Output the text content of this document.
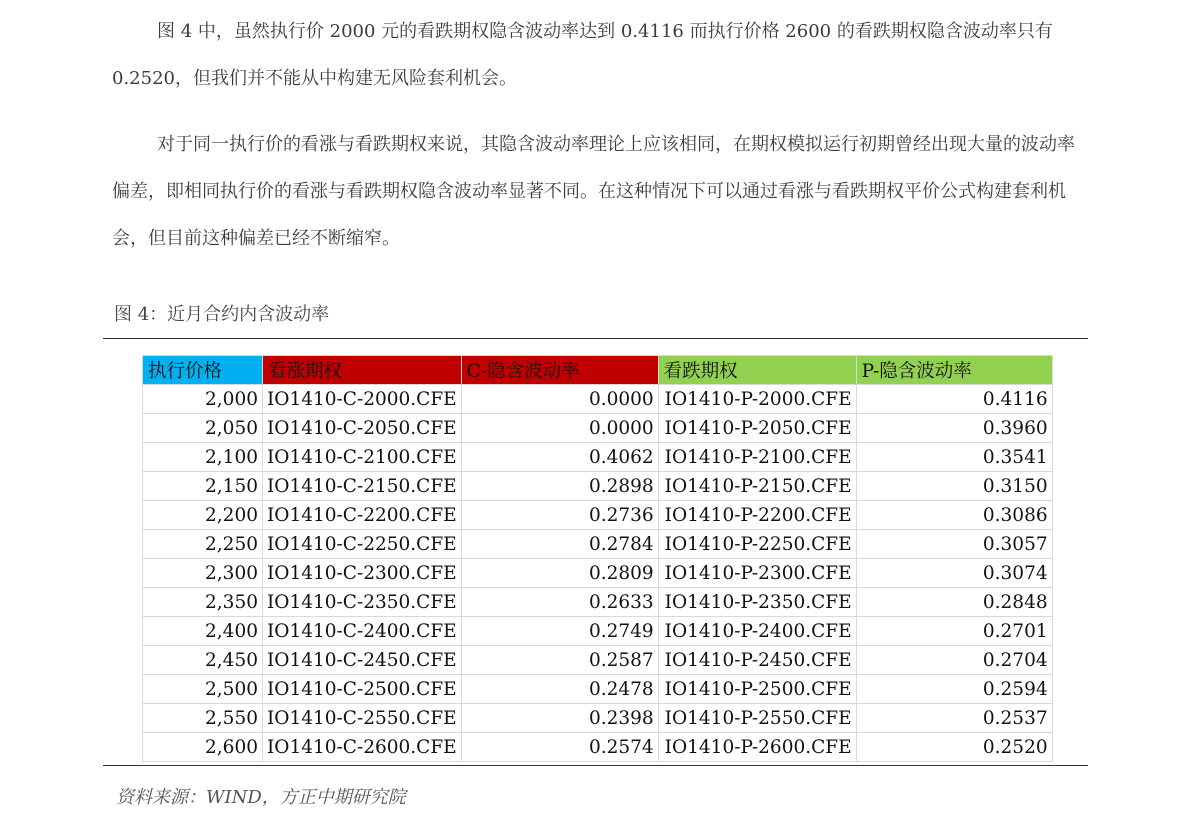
图 4 中，虽然执行价 2000 元的看跌期权隐含波动率达到 0.4116 而执行价格 2600 的看跌期权隐含波动率只有 0.2520，但我们并不能从中构建无风险套利机会。

对于同一执行价的看涨与看跌期权来说，其隐含波动率理论上应该相同，在期权模拟运行初期曾经出现大量的波动率偏差，即相同执行价的看涨与看跌期权隐含波动率显著不同。在这种情况下可以通过看涨与看跌期权平价公式构建套利机会，但目前这种偏差已经不断缩窄。

图 4：近月合约内含波动率
执行价格	看涨期权	C-隐含波动率	看跌期权	P-隐含波动率
2,000	IO1410-C-2000.CFE	0.0000	IO1410-P-2000.CFE	0.4116
2,050	IO1410-C-2050.CFE	0.0000	IO1410-P-2050.CFE	0.3960
2,100	IO1410-C-2100.CFE	0.4062	IO1410-P-2100.CFE	0.3541
2,150	IO1410-C-2150.CFE	0.2898	IO1410-P-2150.CFE	0.3150
2,200	IO1410-C-2200.CFE	0.2736	IO1410-P-2200.CFE	0.3086
2,250	IO1410-C-2250.CFE	0.2784	IO1410-P-2250.CFE	0.3057
2,300	IO1410-C-2300.CFE	0.2809	IO1410-P-2300.CFE	0.3074
2,350	IO1410-C-2350.CFE	0.2633	IO1410-P-2350.CFE	0.2848
2,400	IO1410-C-2400.CFE	0.2749	IO1410-P-2400.CFE	0.2701
2,450	IO1410-C-2450.CFE	0.2587	IO1410-P-2450.CFE	0.2704
2,500	IO1410-C-2500.CFE	0.2478	IO1410-P-2500.CFE	0.2594
2,550	IO1410-C-2550.CFE	0.2398	IO1410-P-2550.CFE	0.2537
2,600	IO1410-C-2600.CFE	0.2574	IO1410-P-2600.CFE	0.2520
资料来源：WIND，方正中期研究院
